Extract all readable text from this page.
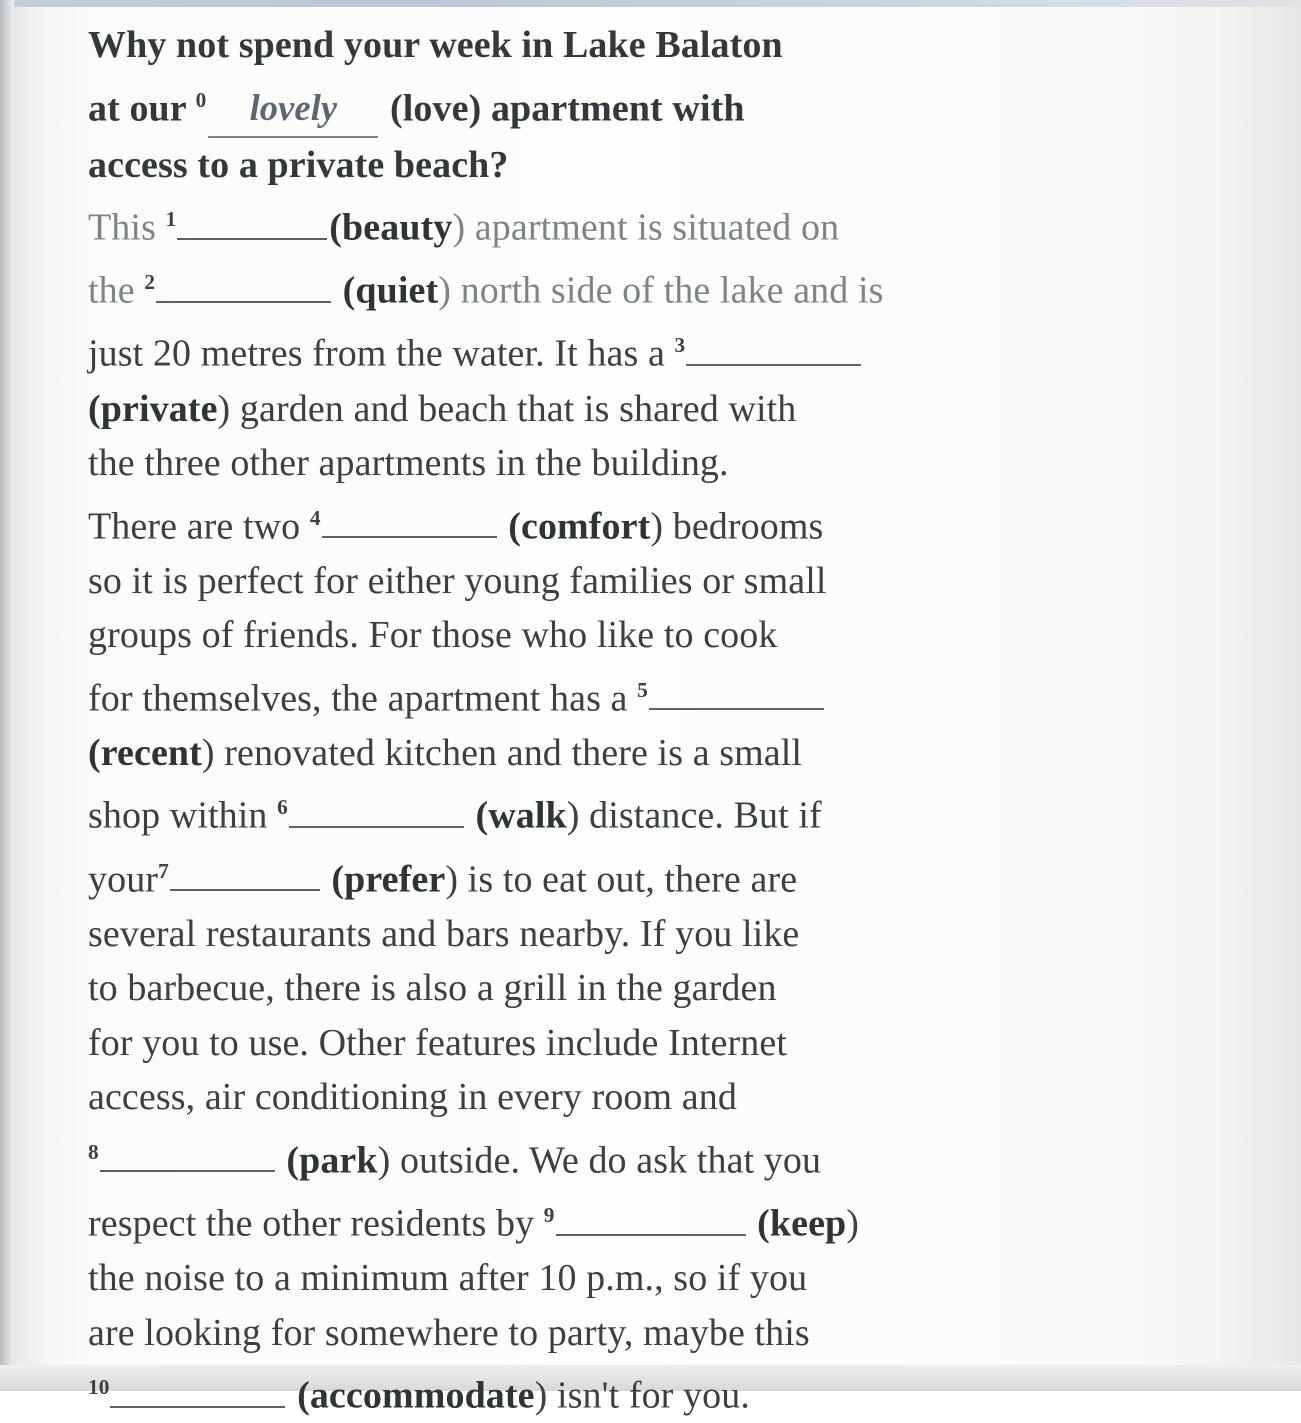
Why not spend your week in Lake Balaton
at our $^0$ lovely (love) apartment with
access to a private beach?
This $^1$	(beauty) apartment is situated on
the $^2$	(quiet) north side of the lake and is
just 20 metres from the water. It has a $^3$
(private) garden and beach that is shared with
the three other apartments in the building.
There are two $^4$	(comfort) bedrooms
so it is perfect for either young families or small
groups of friends. For those who like to cook
for themselves, the apartment has a $^5$
(recent) renovated kitchen and there is a small
shop within $^6$	(walk) distance. But if
your$^7$	(prefer) is to eat out, there are
several restaurants and bars nearby. If you like
to barbecue, there is also a grill in the garden
for you to use. Other features include Internet
access, air conditioning in every room and
$^8$	(park) outside. We do ask that you
respect the other residents by $^9$	(keep)
the noise to a minimum after 10 p.m., so if you
are looking for somewhere to party, maybe this
$^{10}$	(accommodate) isn't for you.
